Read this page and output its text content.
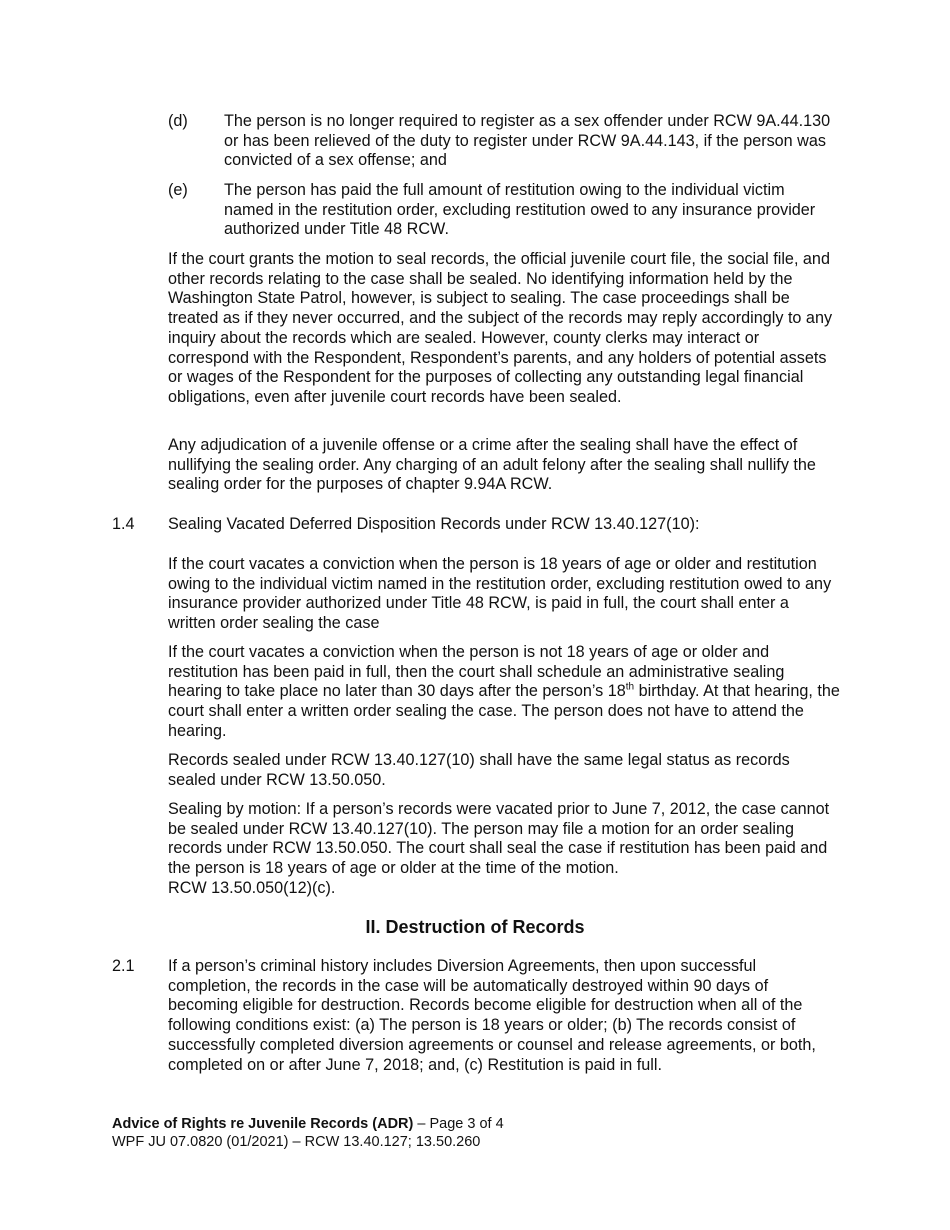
(d)	The person is no longer required to register as a sex offender under RCW 9A.44.130 or has been relieved of the duty to register under RCW 9A.44.143, if the person was convicted of a sex offense; and
(e)	The person has paid the full amount of restitution owing to the individual victim named in the restitution order, excluding restitution owed to any insurance provider authorized under Title 48 RCW.

If the court grants the motion to seal records, the official juvenile court file, the social file, and other records relating to the case shall be sealed. No identifying information held by the Washington State Patrol, however, is subject to sealing. The case proceedings shall be treated as if they never occurred, and the subject of the records may reply accordingly to any inquiry about the records which are sealed. However, county clerks may interact or correspond with the Respondent, Respondent’s parents, and any holders of potential assets or wages of the Respondent for the purposes of collecting any outstanding legal financial obligations, even after juvenile court records have been sealed.

Any adjudication of a juvenile offense or a crime after the sealing shall have the effect of nullifying the sealing order. Any charging of an adult felony after the sealing shall nullify the sealing order for the purposes of chapter 9.94A RCW.

1.4	Sealing Vacated Deferred Disposition Records under RCW 13.40.127(10):

If the court vacates a conviction when the person is 18 years of age or older and restitution owing to the individual victim named in the restitution order, excluding restitution owed to any insurance provider authorized under Title 48 RCW, is paid in full, the court shall enter a written order sealing the case

If the court vacates a conviction when the person is not 18 years of age or older and restitution has been paid in full, then the court shall schedule an administrative sealing hearing to take place no later than 30 days after the person’s 18th birthday. At that hearing, the court shall enter a written order sealing the case. The person does not have to attend the hearing.

Records sealed under RCW 13.40.127(10) shall have the same legal status as records sealed under RCW 13.50.050.

Sealing by motion: If a person’s records were vacated prior to June 7, 2012, the case cannot be sealed under RCW 13.40.127(10). The person may file a motion for an order sealing records under RCW 13.50.050. The court shall seal the case if restitution has been paid and the person is 18 years of age or older at the time of the motion.
RCW 13.50.050(12)(c).

II. Destruction of Records
2.1	If a person’s criminal history includes Diversion Agreements, then upon successful completion, the records in the case will be automatically destroyed within 90 days of becoming eligible for destruction. Records become eligible for destruction when all of the following conditions exist: (a) The person is 18 years or older; (b) The records consist of successfully completed diversion agreements or counsel and release agreements, or both, completed on or after June 7, 2018; and, (c) Restitution is paid in full.
Advice of Rights re Juvenile Records (ADR) – Page 3 of 4
WPF JU 07.0820 (01/2021) – RCW 13.40.127; 13.50.260
